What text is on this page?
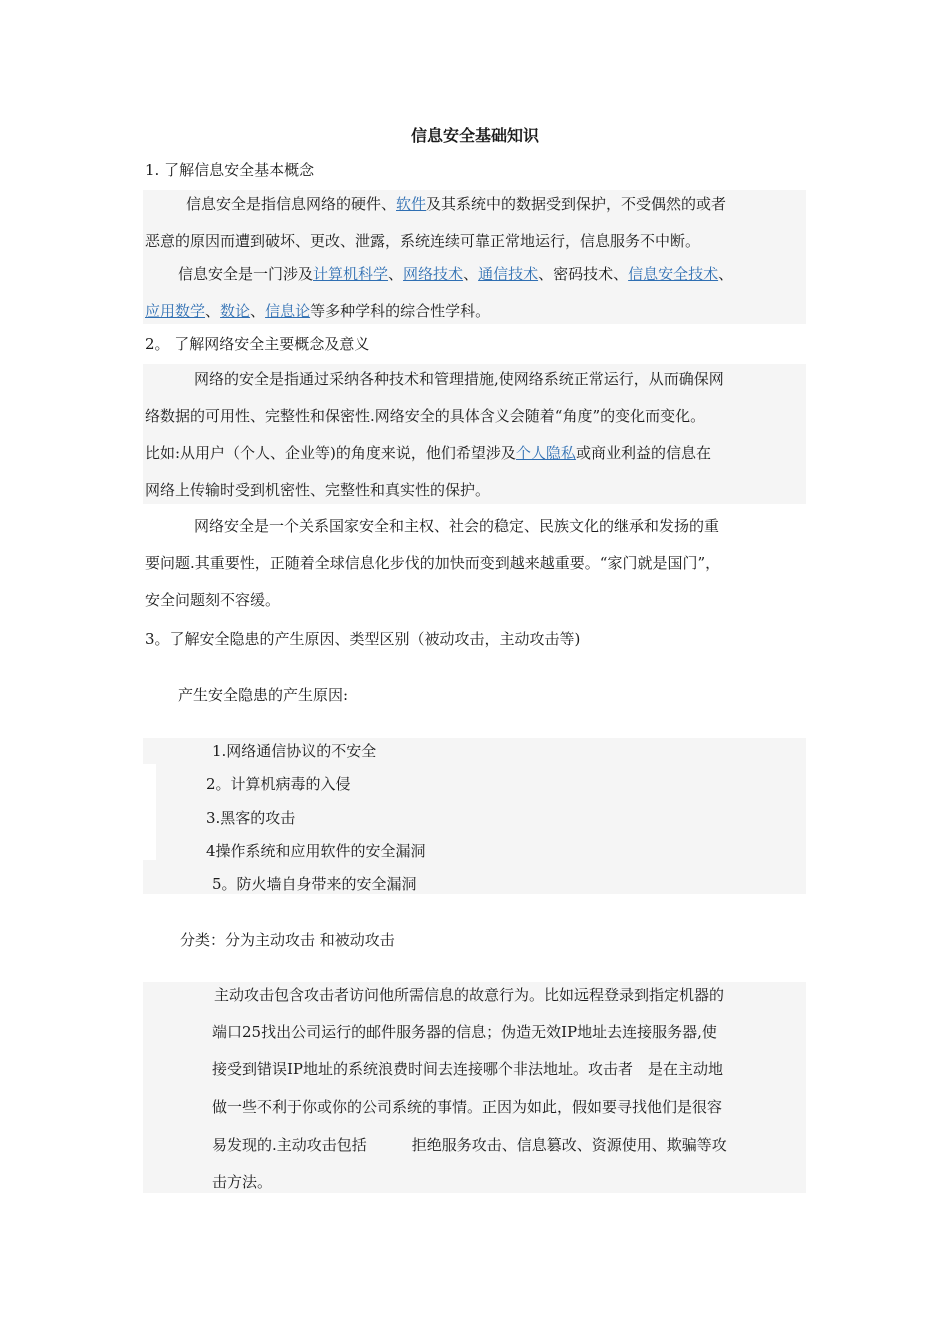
信息安全基础知识
1. 了解信息安全基本概念
信息安全是指信息网络的硬件、软件及其系统中的数据受到保护，不受偶然的或者
恶意的原因而遭到破坏、更改、泄露，系统连续可靠正常地运行，信息服务不中断。
信息安全是一门涉及计算机科学、网络技术、通信技术、密码技术、信息安全技术、
应用数学、数论、信息论等多种学科的综合性学科。
2。 了解网络安全主要概念及意义
网络的安全是指通过采纳各种技术和管理措施,使网络系统正常运行，从而确保网
络数据的可用性、完整性和保密性.网络安全的具体含义会随着“角度”的变化而变化。
比如:从用户（个人、企业等)的角度来说，他们希望涉及个人隐私或商业利益的信息在
网络上传输时受到机密性、完整性和真实性的保护。
网络安全是一个关系国家安全和主权、社会的稳定、民族文化的继承和发扬的重
要问题.其重要性，正随着全球信息化步伐的加快而变到越来越重要。“家门就是国门”，
安全问题刻不容缓。
3。了解安全隐患的产生原因、类型区别（被动攻击，主动攻击等)
产生安全隐患的产生原因:
1.网络通信协议的不安全
2。计算机病毒的入侵
3.黑客的攻击
4操作系统和应用软件的安全漏洞
5。防火墙自身带来的安全漏洞
分类：分为主动攻击 和被动攻击
主动攻击包含攻击者访问他所需信息的故意行为。比如远程登录到指定机器的
端口25找出公司运行的邮件服务器的信息；伪造无效IP地址去连接服务器,使
接受到错误IP地址的系统浪费时间去连接哪个非法地址。攻击者　是在主动地
做一些不利于你或你的公司系统的事情。正因为如此，假如要寻找他们是很容
易发现的.主动攻击包括　　　拒绝服务攻击、信息篡改、资源使用、欺骗等攻
击方法。
